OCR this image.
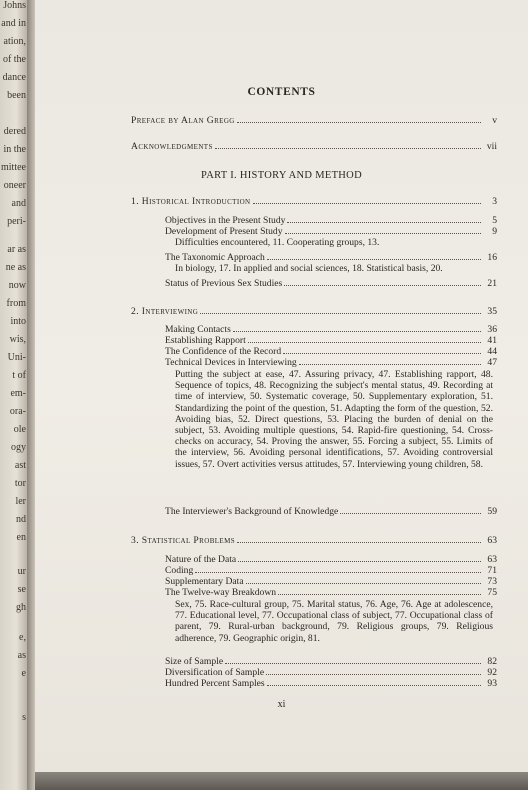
Johns
and in
ation,
of the
dance
been
dered
in the
mittee
oneer
and
peri-
ar as
ne as
now
from
into
wis,
Uni-
t of
em-
ora-
ole
ogy
ast
tor
ler
nd
en
ur
se
gh
e,
as
e
s
CONTENTS
Preface by Alan Gregg	v
Acknowledgments	vii
PART I. HISTORY AND METHOD
1. Historical Introduction	3
Objectives in the Present Study	5
Development of Present Study	9
Difficulties encountered, 11. Cooperating groups, 13.
The Taxonomic Approach	16
In biology, 17. In applied and social sciences, 18. Statistical basis, 20.
Status of Previous Sex Studies	21
2. Interviewing	35
Making Contacts	36
Establishing Rapport	41
The Confidence of the Record	44
Technical Devices in Interviewing	47
Putting the subject at ease, 47. Assuring privacy, 47. Establishing rapport, 48. Sequence of topics, 48. Recognizing the subject's mental status, 49. Recording at time of interview, 50. Systematic coverage, 50. Supplementary exploration, 51. Standardizing the point of the question, 51. Adapting the form of the question, 52. Avoiding bias, 52. Direct questions, 53. Placing the burden of denial on the subject, 53. Avoiding multiple questions, 54. Rapid-fire questioning, 54. Cross-checks on accuracy, 54. Proving the answer, 55. Forcing a subject, 55. Limits of the interview, 56. Avoiding personal identifications, 57. Avoiding controversial issues, 57. Overt activities versus attitudes, 57. Interviewing young children, 58.
The Interviewer's Background of Knowledge	59
3. Statistical Problems	63
Nature of the Data	63
Coding	71
Supplementary Data	73
The Twelve-way Breakdown	75
Sex, 75. Race-cultural group, 75. Marital status, 76. Age, 76. Age at adolescence, 77. Educational level, 77. Occupational class of subject, 77. Occupational class of parent, 79. Rural-urban background, 79. Religious groups, 79. Religious adherence, 79. Geographic origin, 81.
Size of Sample	82
Diversification of Sample	92
Hundred Percent Samples	93
xi
